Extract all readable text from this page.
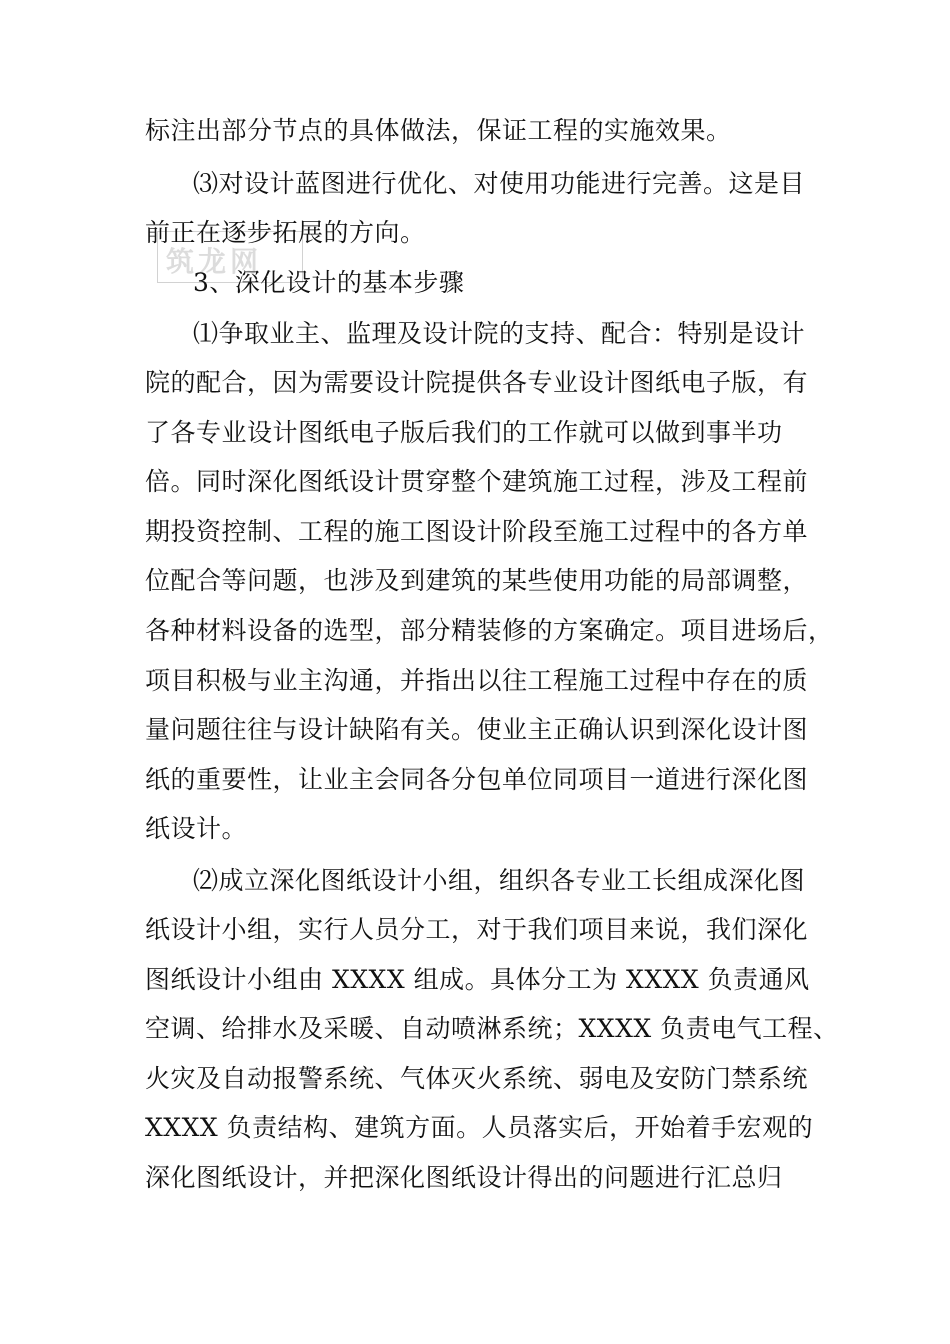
筑龙网
标注出部分节点的具体做法，保证工程的实施效果。
⑶对设计蓝图进行优化、对使用功能进行完善。这是目
前正在逐步拓展的方向。
3、深化设计的基本步骤
⑴争取业主、监理及设计院的支持、配合：特别是设计
院的配合，因为需要设计院提供各专业设计图纸电子版，有
了各专业设计图纸电子版后我们的工作就可以做到事半功
倍。同时深化图纸设计贯穿整个建筑施工过程，涉及工程前
期投资控制、工程的施工图设计阶段至施工过程中的各方单
位配合等问题，也涉及到建筑的某些使用功能的局部调整，
各种材料设备的选型，部分精装修的方案确定。项目进场后，
项目积极与业主沟通，并指出以往工程施工过程中存在的质
量问题往往与设计缺陷有关。使业主正确认识到深化设计图
纸的重要性，让业主会同各分包单位同项目一道进行深化图
纸设计。
⑵成立深化图纸设计小组，组织各专业工长组成深化图
纸设计小组，实行人员分工，对于我们项目来说，我们深化
图纸设计小组由 XXXX 组成。具体分工为 XXXX 负责通风
空调、给排水及采暖、自动喷淋系统；XXXX 负责电气工程、
火灾及自动报警系统、气体灭火系统、弱电及安防门禁系统
XXXX 负责结构、建筑方面。人员落实后，开始着手宏观的
深化图纸设计，并把深化图纸设计得出的问题进行汇总归
